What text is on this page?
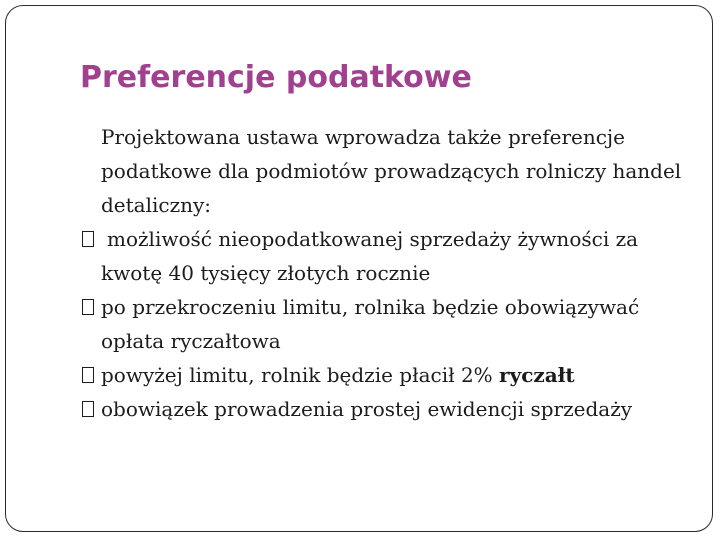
Preferencje podatkowe

Projektowana ustawa wprowadza także preferencje podatkowe dla podmiotów prowadzących rolniczy handel detaliczny:

możliwość nieopodatkowanej sprzedaży żywności za kwotę 40 tysięcy złotych rocznie
po przekroczeniu limitu, rolnika będzie obowiązywać opłata ryczałtowa
powyżej limitu, rolnik będzie płacił 2% ryczałt
obowiązek prowadzenia prostej ewidencji sprzedaży
